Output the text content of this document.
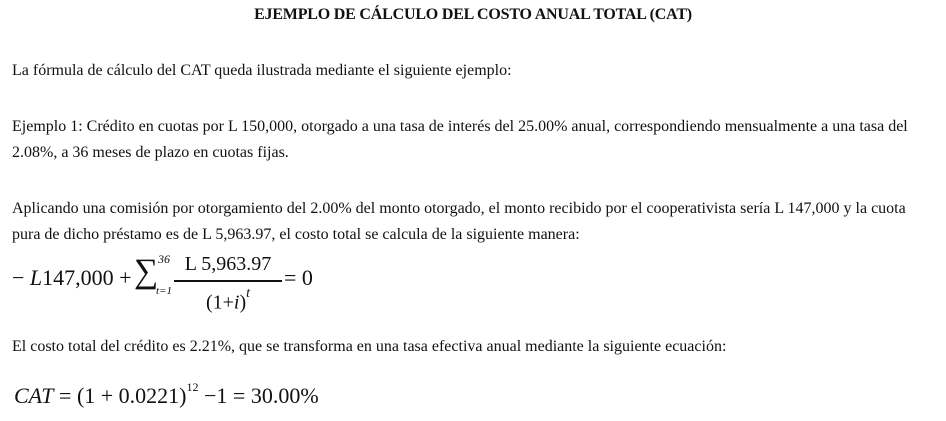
EJEMPLO DE CÁLCULO DEL COSTO ANUAL TOTAL (CAT)
La fórmula de cálculo del CAT queda ilustrada mediante el siguiente ejemplo:
Ejemplo 1: Crédito en cuotas por L 150,000, otorgado a una tasa de interés del 25.00% anual, correspondiendo mensualmente a una tasa del 2.08%, a 36 meses de plazo en cuotas fijas.
Aplicando una comisión por otorgamiento del 2.00% del monto otorgado, el monto recibido por el cooperativista sería L 147,000 y la cuota pura de dicho préstamo es de L 5,963.97, el costo total se calcula de la siguiente manera:
− L147,000 + ∑ 36
t=1
L 5,963.97
$(1+i)^t$
= 0
El costo total del crédito es 2.21%, que se transforma en una tasa efectiva anual mediante la siguiente ecuación:
CAT = $(1 + 0.0221)^{12} -1 = 30.00\%$
